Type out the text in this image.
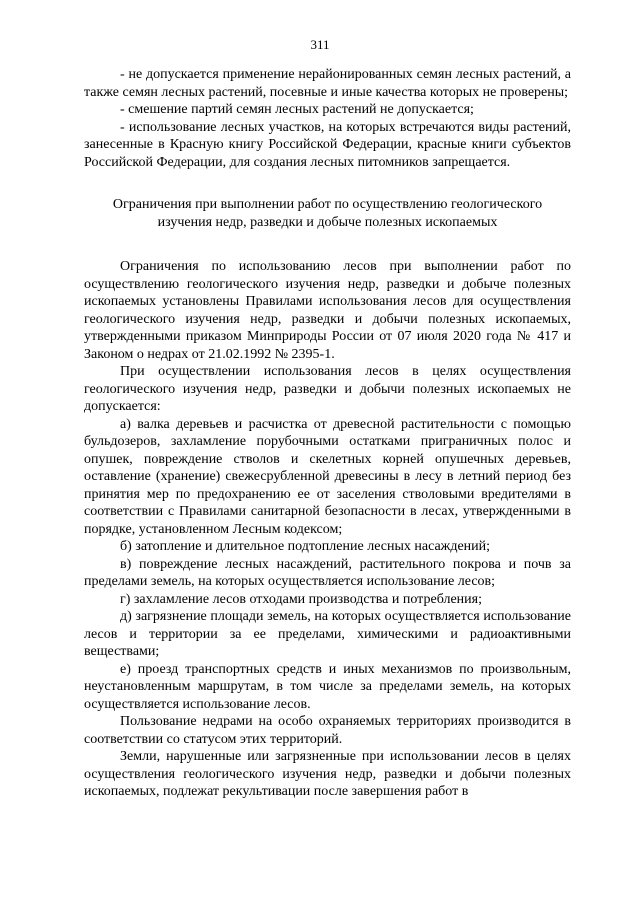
311

- не допускается применение нерайонированных семян лесных растений, а также семян лесных растений, посевные и иные качества которых не проверены;

- смешение партий семян лесных растений не допускается;

- использование лесных участков, на которых встречаются виды растений, занесенные в Красную книгу Российской Федерации, красные книги субъектов Российской Федерации, для создания лесных питомников запрещается.

Ограничения при выполнении работ по осуществлению геологического
изучения недр, разведки и добыче полезных ископаемых

Ограничения по использованию лесов при выполнении работ по осуществлению геологического изучения недр, разведки и добыче полезных ископаемых установлены Правилами использования лесов для осуществления геологического изучения недр, разведки и добычи полезных ископаемых, утвержденными приказом Минприроды России от 07 июля 2020 года № 417 и Законом о недрах от 21.02.1992 № 2395-1.

При осуществлении использования лесов в целях осуществления геологического изучения недр, разведки и добычи полезных ископаемых не допускается:

а) валка деревьев и расчистка от древесной растительности с помощью бульдозеров, захламление порубочными остатками приграничных полос и опушек, повреждение стволов и скелетных корней опушечных деревьев, оставление (хранение) свежесрубленной древесины в лесу в летний период без принятия мер по предохранению ее от заселения стволовыми вредителями в соответствии с Правилами санитарной безопасности в лесах, утвержденными в порядке, установленном Лесным кодексом;

б) затопление и длительное подтопление лесных насаждений;

в) повреждение лесных насаждений, растительного покрова и почв за пределами земель, на которых осуществляется использование лесов;

г) захламление лесов отходами производства и потребления;

д) загрязнение площади земель, на которых осуществляется использование лесов и территории за ее пределами, химическими и радиоактивными веществами;

е) проезд транспортных средств и иных механизмов по произвольным, неустановленным маршрутам, в том числе за пределами земель, на которых осуществляется использование лесов.

Пользование недрами на особо охраняемых территориях производится в соответствии со статусом этих территорий.

Земли, нарушенные или загрязненные при использовании лесов в целях осуществления геологического изучения недр, разведки и добычи полезных ископаемых, подлежат рекультивации после завершения работ в
